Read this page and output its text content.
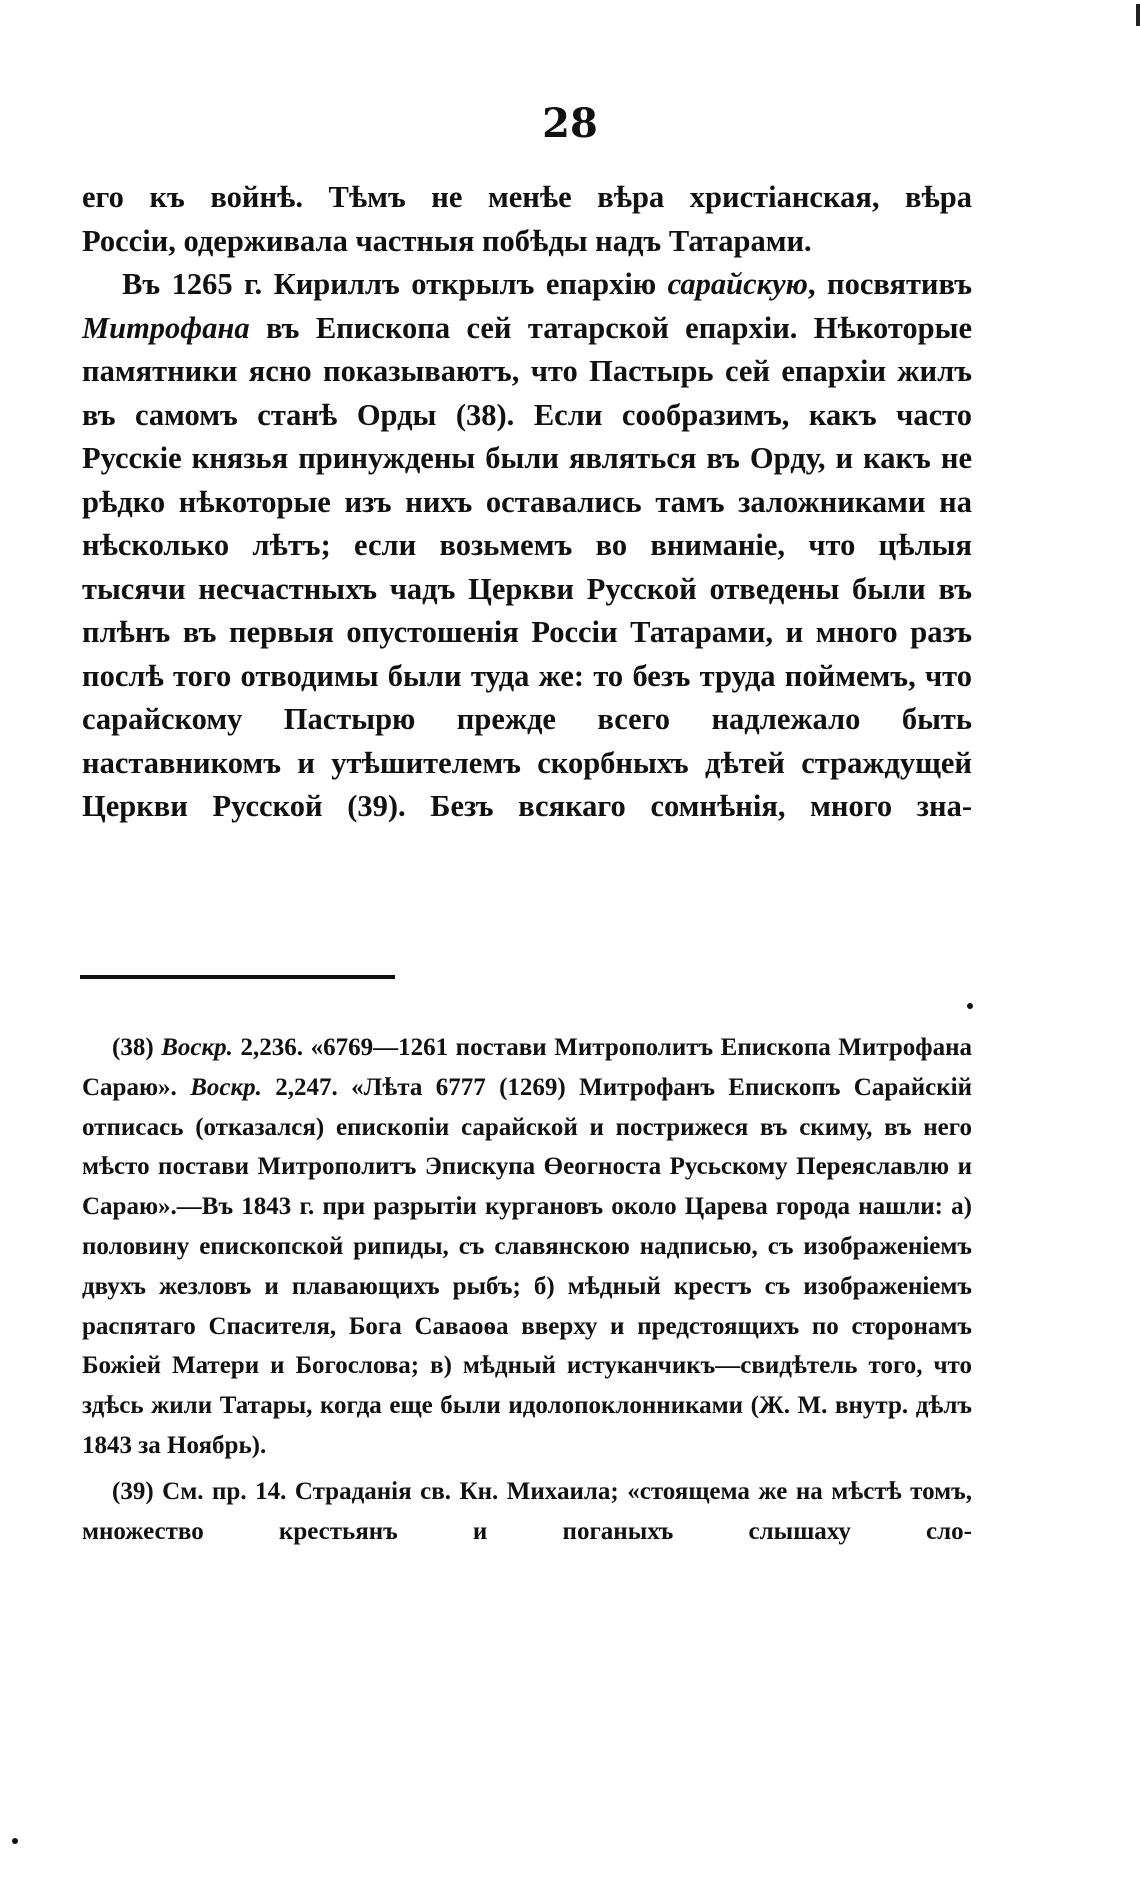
28

его къ войнѣ. Тѣмъ не менѣе вѣра христіанская, вѣра

Россіи, одерживала частныя побѣды надъ Татарами.

Въ 1265 г. Кириллъ открылъ епархію сарайскую, посвятивъ Митрофана въ Епископа сей татарской епархіи. Нѣкоторые памятники ясно показываютъ, что Пастырь сей епархіи жилъ въ самомъ станѣ Орды (38). Если сообразимъ, какъ часто Русскіе князья принуждены были являться въ Орду, и какъ не рѣдко нѣкоторые изъ нихъ оставались тамъ заложниками на нѣсколько лѣтъ; если возьмемъ во вниманіе, что цѣлыя тысячи несчастныхъ чадъ Церкви Русской отведены были въ плѣнъ въ первыя опустошенія Россіи Татарами, и много разъ послѣ того отводимы были туда же: то безъ труда поймемъ, что сарайскому Пастырю прежде всего надлежало быть наставникомъ и утѣшителемъ скорбныхъ дѣтей страждущей Церкви Русской (39). Безъ всякаго сомнѣнія, много зна-

(38) Воскр. 2,236. «6769—1261 постави Митрополитъ Епископа Митрофана Сараю». Воскр. 2,247. «Лѣта 6777 (1269) Митрофанъ Епископъ Сарайскій отписась (отказался) епископіи сарайской и пострижеся въ скиму, въ него мѣсто постави Митрополитъ Эпискупа Өеогноста Русьскому Переяславлю и Сараю».—Въ 1843 г. при разрытіи кургановъ около Царева города нашли: а) половину епископской рипиды, съ славянскою надписью, съ изображеніемъ двухъ жезловъ и плавающихъ рыбъ; б) мѣдный крестъ съ изображеніемъ распятаго Спасителя, Бога Саваоѳа вверху и предстоящихъ по сторонамъ Божіей Матери и Богослова; в) мѣдный истуканчикъ—свидѣтель того, что здѣсь жили Татары, когда еще были идолопоклонниками (Ж. М. внутр. дѣлъ 1843 за Ноябрь).

(39) См. пр. 14. Страданія св. Кн. Михаила; «стоящема же на мѣстѣ томъ, множество крестьянъ и поганыхъ слышаху сло-
